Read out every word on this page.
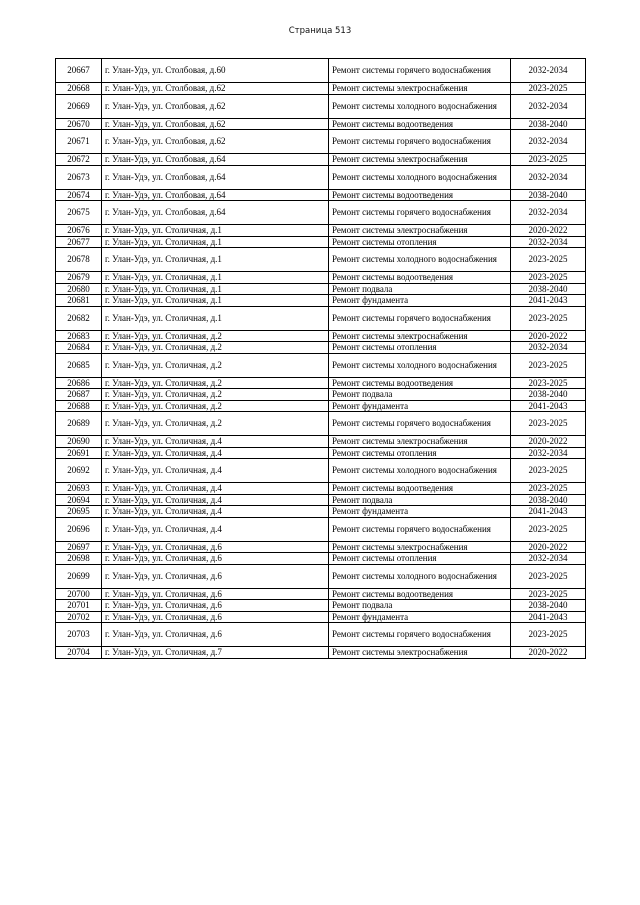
Страница 513
20667	г. Улан-Удэ, ул. Столбовая, д.60	Ремонт системы горячего водоснабжения	2032-2034
20668	г. Улан-Удэ, ул. Столбовая, д.62	Ремонт системы электроснабжения	2023-2025
20669	г. Улан-Удэ, ул. Столбовая, д.62	Ремонт системы холодного водоснабжения	2032-2034
20670	г. Улан-Удэ, ул. Столбовая, д.62	Ремонт системы водоотведения	2038-2040
20671	г. Улан-Удэ, ул. Столбовая, д.62	Ремонт системы горячего водоснабжения	2032-2034
20672	г. Улан-Удэ, ул. Столбовая, д.64	Ремонт системы электроснабжения	2023-2025
20673	г. Улан-Удэ, ул. Столбовая, д.64	Ремонт системы холодного водоснабжения	2032-2034
20674	г. Улан-Удэ, ул. Столбовая, д.64	Ремонт системы водоотведения	2038-2040
20675	г. Улан-Удэ, ул. Столбовая, д.64	Ремонт системы горячего водоснабжения	2032-2034
20676	г. Улан-Удэ, ул. Столичная, д.1	Ремонт системы электроснабжения	2020-2022
20677	г. Улан-Удэ, ул. Столичная, д.1	Ремонт системы отопления	2032-2034
20678	г. Улан-Удэ, ул. Столичная, д.1	Ремонт системы холодного водоснабжения	2023-2025
20679	г. Улан-Удэ, ул. Столичная, д.1	Ремонт системы водоотведения	2023-2025
20680	г. Улан-Удэ, ул. Столичная, д.1	Ремонт подвала	2038-2040
20681	г. Улан-Удэ, ул. Столичная, д.1	Ремонт фундамента	2041-2043
20682	г. Улан-Удэ, ул. Столичная, д.1	Ремонт системы горячего водоснабжения	2023-2025
20683	г. Улан-Удэ, ул. Столичная, д.2	Ремонт системы электроснабжения	2020-2022
20684	г. Улан-Удэ, ул. Столичная, д.2	Ремонт системы отопления	2032-2034
20685	г. Улан-Удэ, ул. Столичная, д.2	Ремонт системы холодного водоснабжения	2023-2025
20686	г. Улан-Удэ, ул. Столичная, д.2	Ремонт системы водоотведения	2023-2025
20687	г. Улан-Удэ, ул. Столичная, д.2	Ремонт подвала	2038-2040
20688	г. Улан-Удэ, ул. Столичная, д.2	Ремонт фундамента	2041-2043
20689	г. Улан-Удэ, ул. Столичная, д.2	Ремонт системы горячего водоснабжения	2023-2025
20690	г. Улан-Удэ, ул. Столичная, д.4	Ремонт системы электроснабжения	2020-2022
20691	г. Улан-Удэ, ул. Столичная, д.4	Ремонт системы отопления	2032-2034
20692	г. Улан-Удэ, ул. Столичная, д.4	Ремонт системы холодного водоснабжения	2023-2025
20693	г. Улан-Удэ, ул. Столичная, д.4	Ремонт системы водоотведения	2023-2025
20694	г. Улан-Удэ, ул. Столичная, д.4	Ремонт подвала	2038-2040
20695	г. Улан-Удэ, ул. Столичная, д.4	Ремонт фундамента	2041-2043
20696	г. Улан-Удэ, ул. Столичная, д.4	Ремонт системы горячего водоснабжения	2023-2025
20697	г. Улан-Удэ, ул. Столичная, д.6	Ремонт системы электроснабжения	2020-2022
20698	г. Улан-Удэ, ул. Столичная, д.6	Ремонт системы отопления	2032-2034
20699	г. Улан-Удэ, ул. Столичная, д.6	Ремонт системы холодного водоснабжения	2023-2025
20700	г. Улан-Удэ, ул. Столичная, д.6	Ремонт системы водоотведения	2023-2025
20701	г. Улан-Удэ, ул. Столичная, д.6	Ремонт подвала	2038-2040
20702	г. Улан-Удэ, ул. Столичная, д.6	Ремонт фундамента	2041-2043
20703	г. Улан-Удэ, ул. Столичная, д.6	Ремонт системы горячего водоснабжения	2023-2025
20704	г. Улан-Удэ, ул. Столичная, д.7	Ремонт системы электроснабжения	2020-2022
